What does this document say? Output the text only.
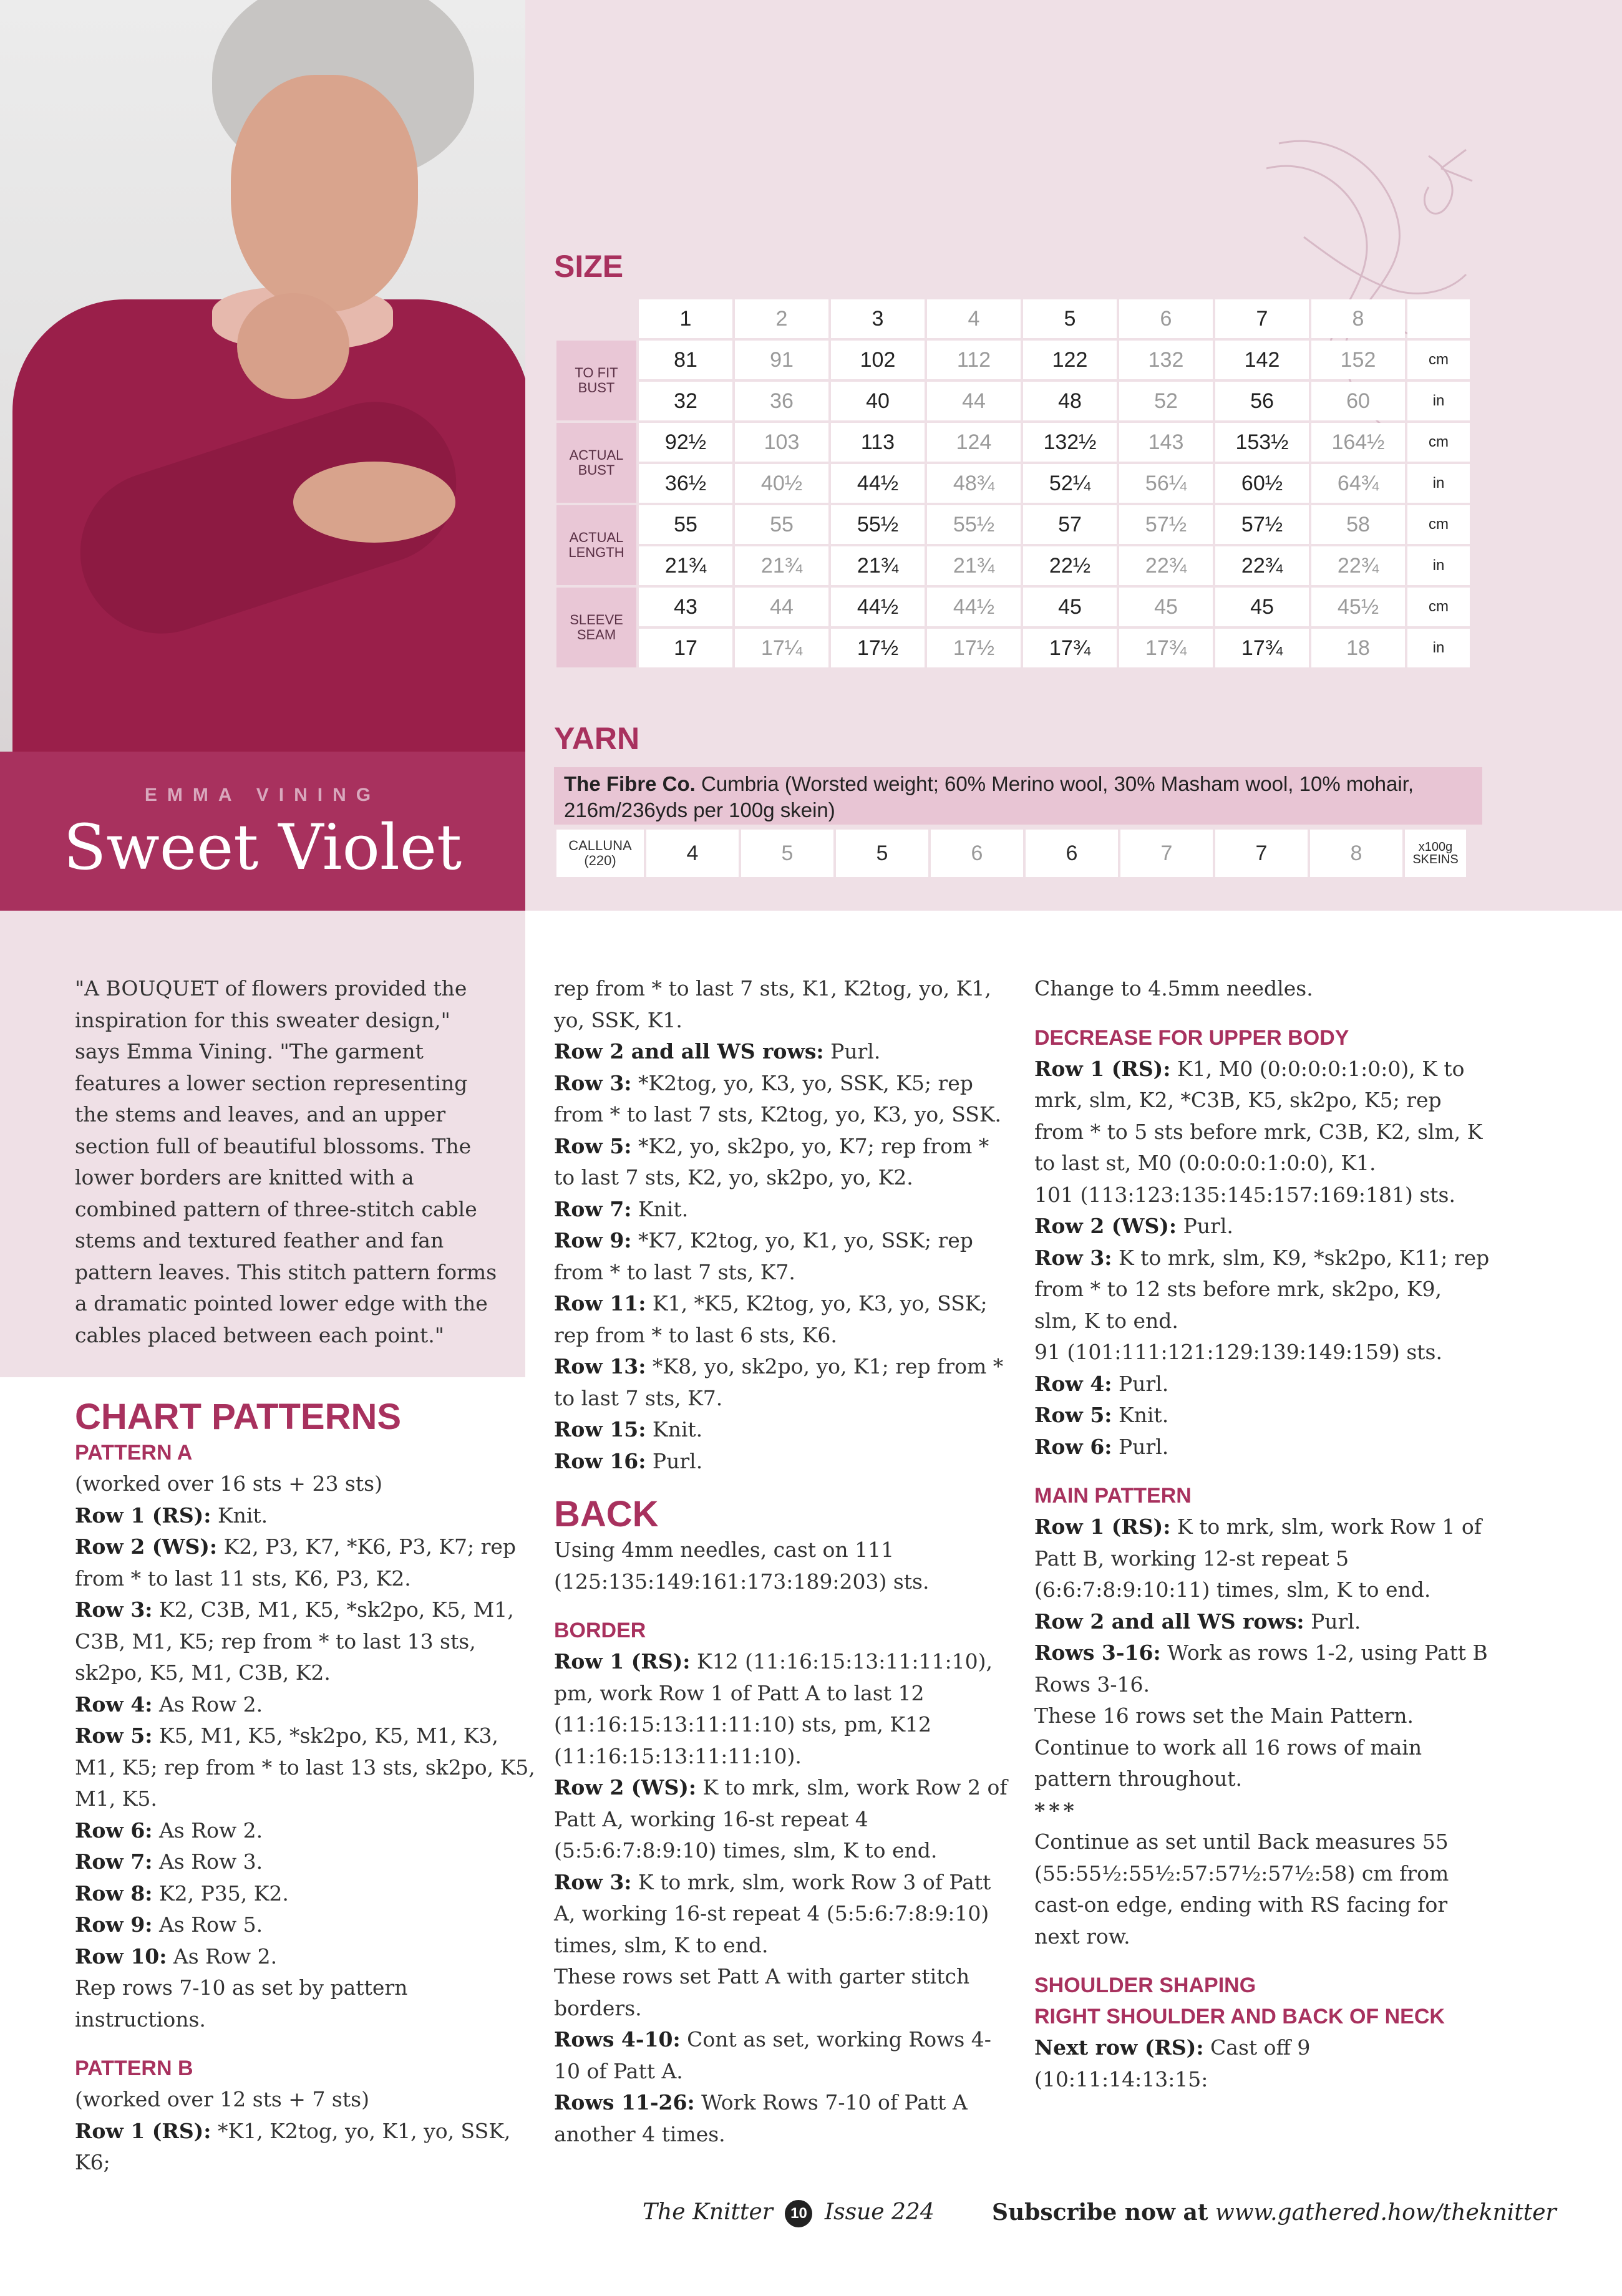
EMMA VINING
Sweet Violet
SIZE
	1	2	3	4	5	6	7	8	
TO FIT BUST	81	91	102	112	122	132	142	152	cm
	32	36	40	44	48	52	56	60	in
ACTUAL BUST	92½	103	113	124	132½	143	153½	164½	cm
	36½	40½	44½	48¾	52¼	56¼	60½	64¾	in
ACTUAL LENGTH	55	55	55½	55½	57	57½	57½	58	cm
	21¾	21¾	21¾	21¾	22½	22¾	22¾	22¾	in
SLEEVE SEAM	43	44	44½	44½	45	45	45	45½	cm
	17	17¼	17½	17½	17¾	17¾	17¾	18	in
YARN
The Fibre Co. Cumbria (Worsted weight; 60% Merino wool, 30% Masham wool, 10% mohair, 216m/236yds per 100g skein)
CALLUNA (220)	4	5	5	6	6	7	7	8	x100g SKEINS
"A BOUQUET of flowers provided the inspiration for this sweater design," says Emma Vining. "The garment features a lower section representing the stems and leaves, and an upper section full of beautiful blossoms. The lower borders are knitted with a combined pattern of three-stitch cable stems and textured feather and fan pattern leaves. This stitch pattern forms a dramatic pointed lower edge with the cables placed between each point."
CHART PATTERNS
PATTERN A
(worked over 16 sts + 23 sts)
Row 1 (RS): Knit.
Row 2 (WS): K2, P3, K7, *K6, P3, K7; rep from * to last 11 sts, K6, P3, K2.
Row 3: K2, C3B, M1, K5, *sk2po, K5, M1, C3B, M1, K5; rep from * to last 13 sts, sk2po, K5, M1, C3B, K2.
Row 4: As Row 2.
Row 5: K5, M1, K5, *sk2po, K5, M1, K3, M1, K5; rep from * to last 13 sts, sk2po, K5, M1, K5.
Row 6: As Row 2.
Row 7: As Row 3.
Row 8: K2, P35, K2.
Row 9: As Row 5.
Row 10: As Row 2.
Rep rows 7-10 as set by pattern instructions.
PATTERN B
(worked over 12 sts + 7 sts)
Row 1 (RS): *K1, K2tog, yo, K1, yo, SSK, K6;
rep from * to last 7 sts, K1, K2tog, yo, K1, yo, SSK, K1.
Row 2 and all WS rows: Purl.
Row 3: *K2tog, yo, K3, yo, SSK, K5; rep from * to last 7 sts, K2tog, yo, K3, yo, SSK.
Row 5: *K2, yo, sk2po, yo, K7; rep from * to last 7 sts, K2, yo, sk2po, yo, K2.
Row 7: Knit.
Row 9: *K7, K2tog, yo, K1, yo, SSK; rep from * to last 7 sts, K7.
Row 11: K1, *K5, K2tog, yo, K3, yo, SSK; rep from * to last 6 sts, K6.
Row 13: *K8, yo, sk2po, yo, K1; rep from * to last 7 sts, K7.
Row 15: Knit.
Row 16: Purl.
BACK
Using 4mm needles, cast on 111 (125:135:149:161:173:189:203) sts.
BORDER
Row 1 (RS): K12 (11:16:15:13:11:11:10), pm, work Row 1 of Patt A to last 12 (11:16:15:13:11:11:10) sts, pm, K12 (11:16:15:13:11:11:10).
Row 2 (WS): K to mrk, slm, work Row 2 of Patt A, working 16-st repeat 4 (5:5:6:7:8:9:10) times, slm, K to end.
Row 3: K to mrk, slm, work Row 3 of Patt A, working 16-st repeat 4 (5:5:6:7:8:9:10) times, slm, K to end.
These rows set Patt A with garter stitch borders.
Rows 4-10: Cont as set, working Rows 4-10 of Patt A.
Rows 11-26: Work Rows 7-10 of Patt A another 4 times.
Change to 4.5mm needles.
DECREASE FOR UPPER BODY
Row 1 (RS): K1, M0 (0:0:0:0:1:0:0), K to mrk, slm, K2, *C3B, K5, sk2po, K5; rep from * to 5 sts before mrk, C3B, K2, slm, K to last st, M0 (0:0:0:0:1:0:0), K1.
101 (113:123:135:145:157:169:181) sts.
Row 2 (WS): Purl.
Row 3: K to mrk, slm, K9, *sk2po, K11; rep from * to 12 sts before mrk, sk2po, K9, slm, K to end.
91 (101:111:121:129:139:149:159) sts.
Row 4: Purl.
Row 5: Knit.
Row 6: Purl.
MAIN PATTERN
Row 1 (RS): K to mrk, slm, work Row 1 of Patt B, working 12-st repeat 5 (6:6:7:8:9:10:11) times, slm, K to end.
Row 2 and all WS rows: Purl.
Rows 3-16: Work as rows 1-2, using Patt B Rows 3-16.
These 16 rows set the Main Pattern. Continue to work all 16 rows of main pattern throughout.
***
Continue as set until Back measures 55 (55:55½:55½:57:57½:57½:58) cm from cast-on edge, ending with RS facing for next row.
SHOULDER SHAPING
RIGHT SHOULDER AND BACK OF NECK
Next row (RS): Cast off 9 (10:11:14:13:15:
The Knitter 10 Issue 224	Subscribe now at www.gathered.how/theknitter
